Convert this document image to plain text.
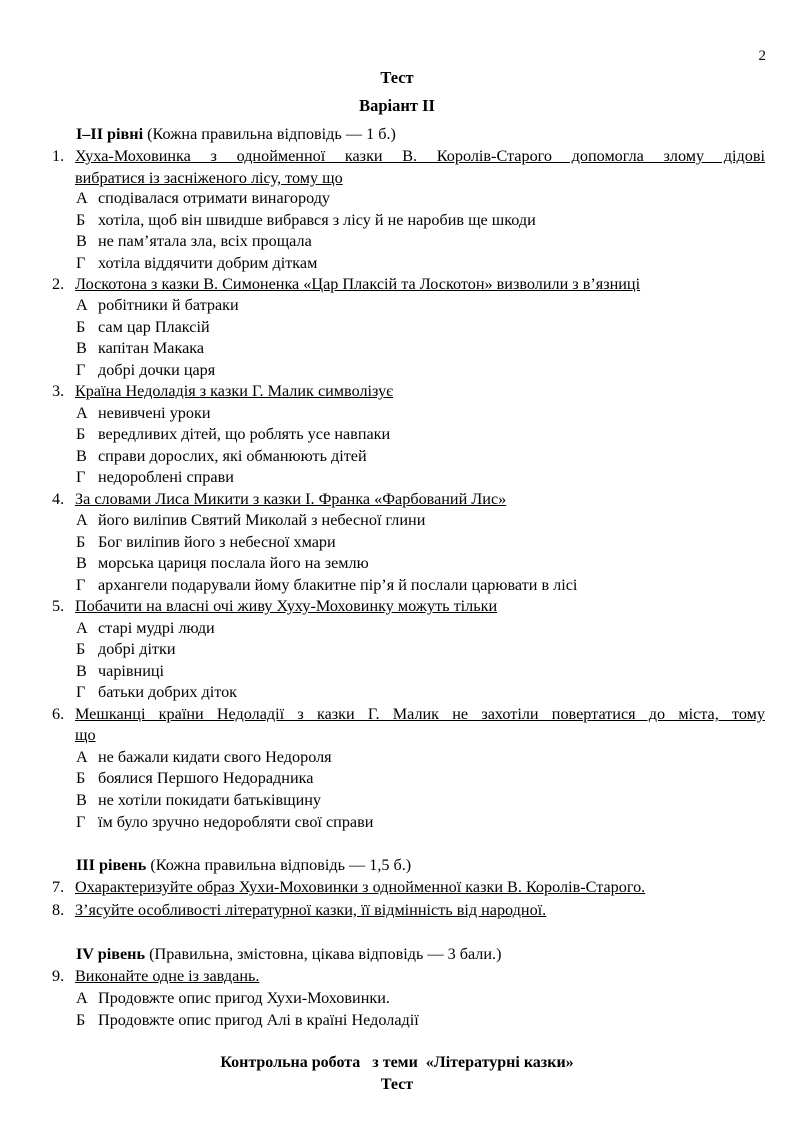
2
Тест
Варіант ІІ
І–ІІ рівні (Кожна правильна відповідь — 1 б.)
1. Хуха-Моховинка з однойменної казки В. Королів-Старого допомогла злому дідові
вибратися із засніженого лісу, тому що
А сподівалася отримати винагороду
Б хотіла, щоб він швидше вибрався з лісу й не наробив ще шкоди
В не пам’ятала зла, всіх прощала
Г хотіла віддячити добрим діткам
2. Лоскотона з казки В. Симоненка «Цар Плаксій та Лоскотон» визволили з в’язниці
А робітники й батраки
Б сам цар Плаксій
В капітан Макака
Г добрі дочки царя
3. Країна Недоладія з казки Г. Малик символізує
А невивчені уроки
Б вередливих дітей, що роблять усе навпаки
В справи дорослих, які обманюють дітей
Г недороблені справи
4. За словами Лиса Микити з казки І. Франка «Фарбований Лис»
А його виліпив Святий Миколай з небесної глини
Б Бог виліпив його з небесної хмари
В морська цариця послала його на землю
Г архангели подарували йому блакитне пір’я й послали царювати в лісі
5. Побачити на власні очі живу Хуху-Моховинку можуть тільки
А старі мудрі люди
Б добрі дітки
В чарівниці
Г батьки добрих діток
6. Мешканці країни Недоладії з казки Г. Малик не захотіли повертатися до міста, тому
що
А не бажали кидати свого Недороля
Б боялися Першого Недорадника
В не хотіли покидати батьківщину
Г їм було зручно недоробляти свої справи
ІІІ рівень (Кожна правильна відповідь — 1,5 б.)
7. Охарактеризуйте образ Хухи-Моховинки з однойменної казки В. Королів-Старого.
8. З’ясуйте особливості літературної казки, її відмінність від народної.
ІV рівень (Правильна, змістовна, цікава відповідь — 3 бали.)
9. Виконайте одне із завдань.
А Продовжте опис пригод Хухи-Моховинки.
Б Продовжте опис пригод Алі в країні Недоладії
Контрольна робота   з теми  «Літературні казки»
Тест
